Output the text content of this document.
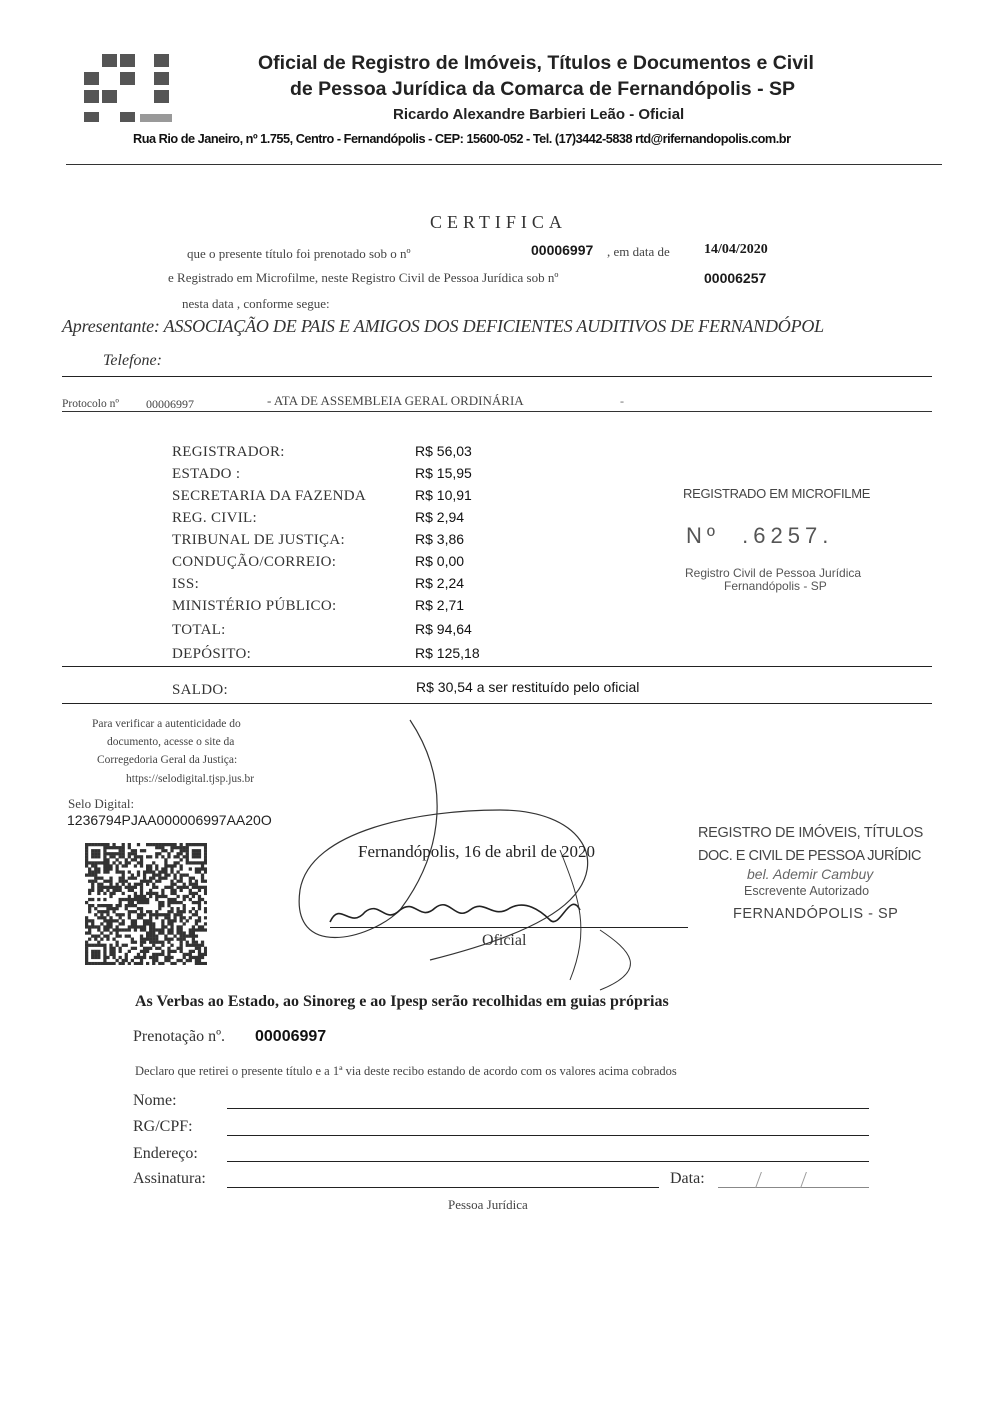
Oficial de Registro de Imóveis, Títulos e Documentos e Civil
de Pessoa Jurídica da Comarca de Fernandópolis - SP
Ricardo Alexandre Barbieri Leão - Oficial
Rua Rio de Janeiro, nº 1.755, Centro - Fernandópolis - CEP: 15600-052 - Tel. (17)3442-5838 rtd@rifernandopolis.com.br
CERTIFICA
que o presente título foi prenotado sob o nº	00006997 , em data de 14/04/2020
e Registrado em Microfilme, neste Registro Civil de Pessoa Jurídica sob nº	00006257
nesta data , conforme segue:
Apresentante: ASSOCIAÇÃO DE PAIS E AMIGOS DOS DEFICIENTES AUDITIVOS DE FERNANDÓPOL
Telefone:
Protocolo nº 00006997	- ATA DE ASSEMBLEIA GERAL ORDINÁRIA	-
REGISTRADOR:	R$ 56,03
ESTADO :	R$ 15,95
SECRETARIA DA FAZENDA	R$ 10,91
REG. CIVIL:	R$ 2,94
TRIBUNAL DE JUSTIÇA:	R$ 3,86
CONDUÇÃO/CORREIO:	R$ 0,00
ISS:	R$ 2,24
MINISTÉRIO PÚBLICO:	R$ 2,71
TOTAL:	R$ 94,64
DEPÓSITO:	R$ 125,18
SALDO:	R$ 30,54 a ser restituído pelo oficial
REGISTRADO EM MICROFILME
Nº  .6257.
Registro Civil de Pessoa Jurídica
Fernandópolis - SP
Para verificar a autenticidade do
documento, acesse o site da
Corregedoria Geral da Justiça:
https://selodigital.tjsp.jus.br
Selo Digital:
1236794PJAA000006997AA20O
Fernandópolis, 16 de abril de 2020
Oficial
REGISTRO DE IMÓVEIS, TÍTULOS
DOC. E CIVIL DE PESSOA JURÍDIC
bel. Ademir Cambuy
Escrevente Autorizado
FERNANDÓPOLIS - SP
As Verbas ao Estado, ao Sinoreg e ao Ipesp serão recolhidas em guias próprias
Prenotação nº. 00006997
Declaro que retirei o presente título e a 1ª via deste recibo estando de acordo com os valores acima cobrados
Nome:
RG/CPF:
Endereço:
Assinatura:	Data:
Pessoa Jurídica
